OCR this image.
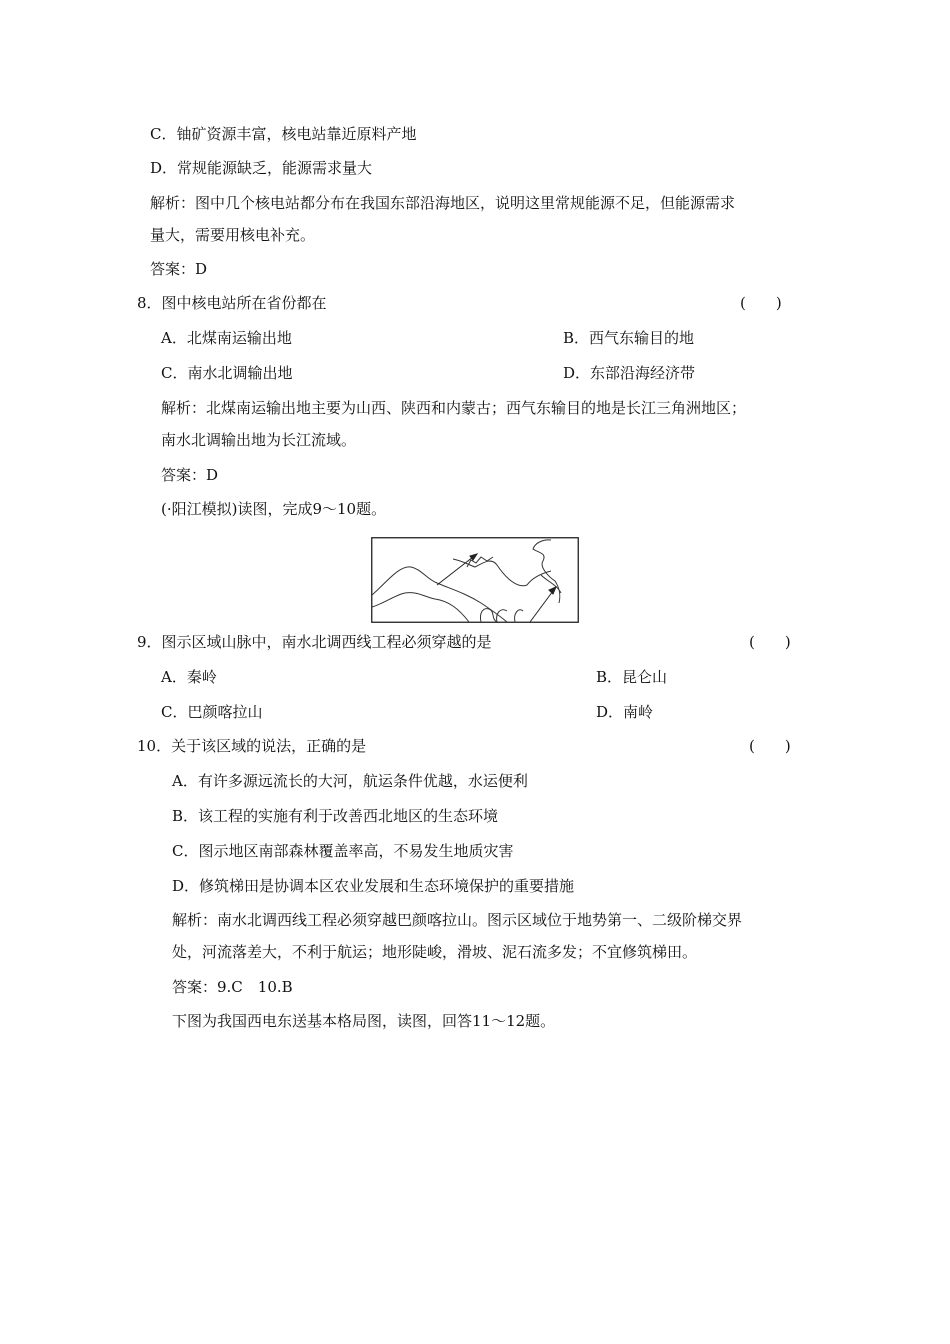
C．铀矿资源丰富，核电站靠近原料产地
D．常规能源缺乏，能源需求量大
解析：图中几个核电站都分布在我国东部沿海地区，说明这里常规能源不足，但能源需求
量大，需要用核电补充。
答案：D
8．图中核电站所在省份都在	(　　)
A．北煤南运输出地	B．西气东输目的地
C．南水北调输出地	D．东部沿海经济带
解析：北煤南运输出地主要为山西、陕西和内蒙古；西气东输目的地是长江三角洲地区；
南水北调输出地为长江流域。
答案：D
(·阳江模拟)读图，完成9～10题。
9．图示区域山脉中，南水北调西线工程必须穿越的是	(　　)
A．秦岭	B．昆仑山
C．巴颜喀拉山	D．南岭
10．关于该区域的说法，正确的是	(　　)
A．有许多源远流长的大河，航运条件优越，水运便利
B．该工程的实施有利于改善西北地区的生态环境
C．图示地区南部森林覆盖率高，不易发生地质灾害
D．修筑梯田是协调本区农业发展和生态环境保护的重要措施
解析：南水北调西线工程必须穿越巴颜喀拉山。图示区域位于地势第一、二级阶梯交界
处，河流落差大，不利于航运；地形陡峻，滑坡、泥石流多发；不宜修筑梯田。
答案：9.C　10.B
下图为我国西电东送基本格局图，读图，回答11～12题。
